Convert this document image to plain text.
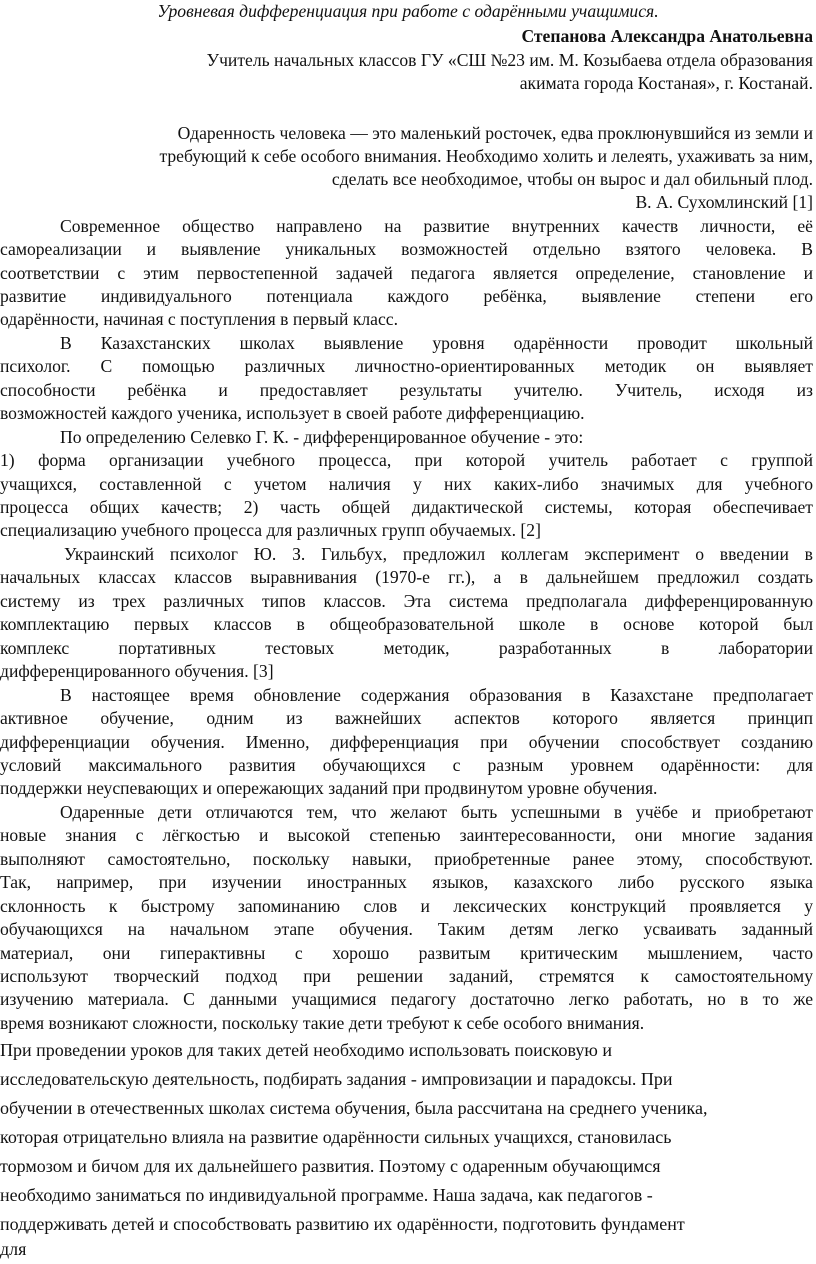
Уровневая дифференциация при работе с одарёнными учащимися.

Степанова Александра Анатольевна

Учитель начальных классов ГУ «СШ №23 им. М. Козыбаева отдела образования

акимата города Костаная», г. Костанай.

Одаренность человека — это маленький росточек, едва проклюнувшийся из земли и

требующий к себе особого внимания. Необходимо холить и лелеять, ухаживать за ним,

сделать все необходимое, чтобы он вырос и дал обильный плод.

В. А. Сухомлинский [1]

Современное общество направлено на развитие внутренних качеств личности, её

самореализации и выявление уникальных возможностей отдельно взятого человека. В

соответствии с этим первостепенной задачей педагога является определение, становление и

развитие индивидуального потенциала каждого ребёнка, выявление степени его

одарённости, начиная с поступления в первый класс.

В Казахстанских школах выявление уровня одарённости проводит школьный

психолог. С помощью различных личностно-ориентированных методик он выявляет

способности ребёнка и предоставляет результаты учителю. Учитель, исходя из

возможностей каждого ученика, использует в своей работе дифференциацию.

По определению Селевко Г. К. - дифференцированное обучение - это:

1) форма организации учебного процесса, при которой учитель работает с группой

учащихся, составленной с учетом наличия у них каких-либо значимых для учебного

процесса общих качеств; 2) часть общей дидактической системы, которая обеспечивает

специализацию учебного процесса для различных групп обучаемых. [2]

Украинский психолог Ю. З. Гильбух, предложил коллегам эксперимент о введении в

начальных классах классов выравнивания (1970-е гг.), а в дальнейшем предложил создать

систему из трех различных типов классов. Эта система предполагала дифференцированную

комплектацию первых классов в общеобразовательной школе в основе которой был

комплекс портативных тестовых методик, разработанных в лаборатории

дифференцированного обучения. [3]

В настоящее время обновление содержания образования в Казахстане предполагает

активное обучение, одним из важнейших аспектов которого является принцип

дифференциации обучения. Именно, дифференциация при обучении способствует созданию

условий максимального развития обучающихся с разным уровнем одарённости: для

поддержки неуспевающих и опережающих заданий при продвинутом уровне обучения.

Одаренные дети отличаются тем, что желают быть успешными в учёбе и приобретают

новые знания с лёгкостью и высокой степенью заинтересованности, они многие задания

выполняют самостоятельно, поскольку навыки, приобретенные ранее этому, способствуют.

Так, например, при изучении иностранных языков, казахского либо русского языка

склонность к быстрому запоминанию слов и лексических конструкций проявляется у

обучающихся на начальном этапе обучения. Таким детям легко усваивать заданный

материал, они гиперактивны с хорошо развитым критическим мышлением, часто

используют творческий подход при решении заданий, стремятся к самостоятельному

изучению материала. С данными учащимися педагогу достаточно легко работать, но в то же

время возникают сложности, поскольку такие дети требуют к себе особого внимания.

При проведении уроков для таких детей необходимо использовать поисковую и

исследовательскую деятельность, подбирать задания - импровизации и парадоксы. При

обучении в отечественных школах система обучения, была рассчитана на среднего ученика,

которая отрицательно влияла на развитие одарённости сильных учащихся, становилась

тормозом и бичом для их дальнейшего развития. Поэтому с одаренным обучающимся

необходимо заниматься по индивидуальной программе. Наша задача, как педагогов -

поддерживать детей и способствовать развитию их одарённости, подготовить фундамент

для
